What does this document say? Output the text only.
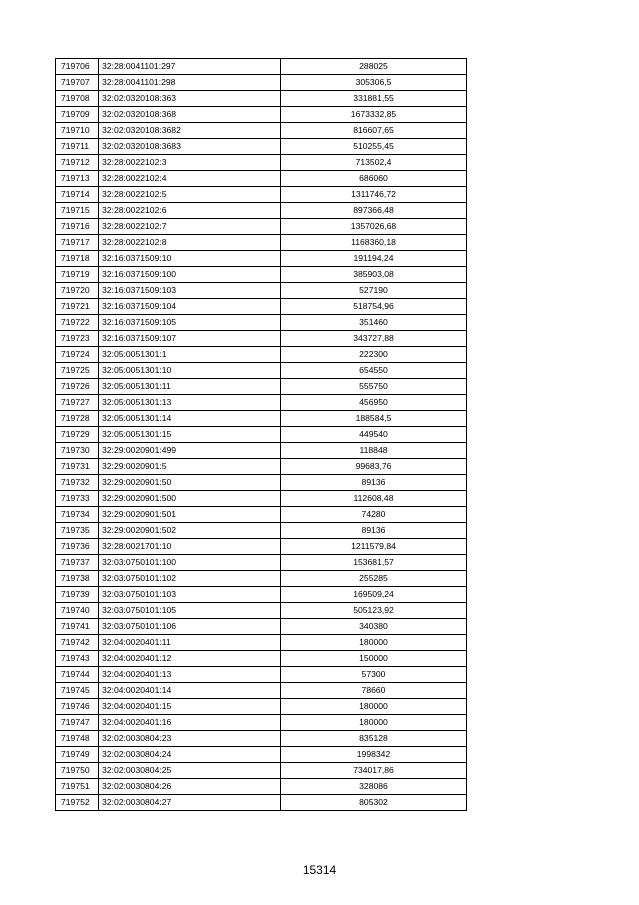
719706	32:28:0041101:297	288025
719707	32:28:0041101:298	305306,5
719708	32:02:0320108:363	331881,55
719709	32:02:0320108:368	1673332,85
719710	32:02:0320108:3682	816607,65
719711	32:02:0320108:3683	510255,45
719712	32:28:0022102:3	713502,4
719713	32:28:0022102:4	686060
719714	32:28:0022102:5	1311746,72
719715	32:28:0022102:6	897366,48
719716	32:28:0022102:7	1357026,68
719717	32:28:0022102:8	1168360,18
719718	32:16:0371509:10	191194,24
719719	32:16:0371509:100	385903,08
719720	32:16:0371509:103	527190
719721	32:16:0371509:104	518754,96
719722	32:16:0371509:105	351460
719723	32:16:0371509:107	343727,88
719724	32:05:0051301:1	222300
719725	32:05:0051301:10	654550
719726	32:05:0051301:11	555750
719727	32:05:0051301:13	456950
719728	32:05:0051301:14	188584,5
719729	32:05:0051301:15	449540
719730	32:29:0020901:499	118848
719731	32:29:0020901:5	99683,76
719732	32:29:0020901:50	89136
719733	32:29:0020901:500	112608,48
719734	32:29:0020901:501	74280
719735	32:29:0020901:502	89136
719736	32:28:0021701:10	1211579,84
719737	32:03:0750101:100	153681,57
719738	32:03:0750101:102	255285
719739	32:03:0750101:103	169509,24
719740	32:03:0750101:105	505123,92
719741	32:03:0750101:106	340380
719742	32:04:0020401:11	180000
719743	32:04:0020401:12	150000
719744	32:04:0020401:13	57300
719745	32:04:0020401:14	78660
719746	32:04:0020401:15	180000
719747	32:04:0020401:16	180000
719748	32:02:0030804:23	835128
719749	32:02:0030804:24	1998342
719750	32:02:0030804:25	734017,86
719751	32:02:0030804:26	328086
719752	32:02:0030804:27	805302
15314
